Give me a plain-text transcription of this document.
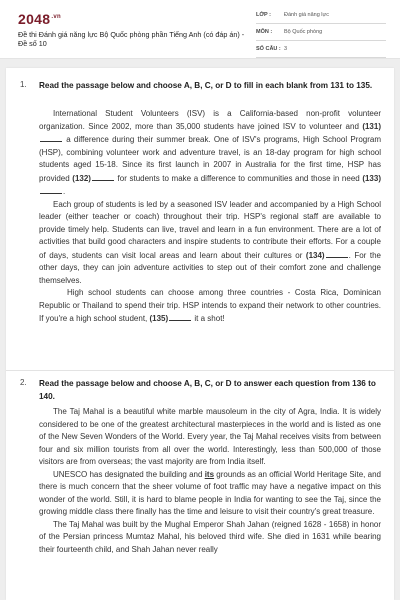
$2048^{.vn}$
Đề thi Đánh giá năng lực Bộ Quốc phòng phần Tiếng Anh (có đáp án) - Đề số 10
LỚP : Đánh giá năng lực
MÔN : Bộ Quốc phòng
SỐ CÂU : 3
1. Read the passage below and choose A, B, C, or D to fill in each blank from 131 to 135.

International Student Volunteers (ISV) is a California-based non-profit volunteer organization. Since 2002, more than 35,000 students have joined ISV to volunteer and (131) a difference during their summer break. One of ISV's programs, High School Program (HSP), combining volunteer work and adventure travel, is an 18-day program for high school students aged 15-18. Since its first launch in 2007 in Australia for the first time, HSP has provided (132)	for students to make a difference to communities and those in need (133).

Each group of students is led by a seasoned ISV leader and accompanied by a High School leader (either teacher or coach) throughout their trip. HSP's regional staff are available to provide timely help. Students can live, travel and learn in a fun environment. There are a lot of activities that build good characters and inspire students to contribute their efforts. For a couple of days, students can visit local areas and learn about their cultures or (134)	. For the other days, they can join adventure activities to step out of their comfort zone and challenge themselves.

High school students can choose among three countries - Costa Rica, Dominican Republic or Thailand to spend their trip. HSP intends to expand their network to other countries. If you're a high school student, (135)	it a shot!

2. Read the passage below and choose A, B, C, or D to answer each question from 136 to 140.

The Taj Mahal is a beautiful white marble mausoleum in the city of Agra, India. It is widely considered to be one of the greatest architectural masterpieces in the world and is listed as one of the New Seven Wonders of the World. Every year, the Taj Mahal receives visits from between four and six million tourists from all over the world. Interestingly, less than 500,000 of those visitors are from overseas; the vast majority are from India itself.

UNESCO has designated the building and its grounds as an official World Heritage Site, and there is much concern that the sheer volume of foot traffic may have a negative impact on this wonder of the world. Still, it is hard to blame people in India for wanting to see the Taj, since the growing middle class there finally has the time and leisure to visit their country's great treasure.

The Taj Mahal was built by the Mughal Emperor Shah Jahan (reigned 1628 - 1658) in honor of the Persian princess Mumtaz Mahal, his beloved third wife. She died in 1631 while bearing their fourteenth child, and Shah Jahan never really
